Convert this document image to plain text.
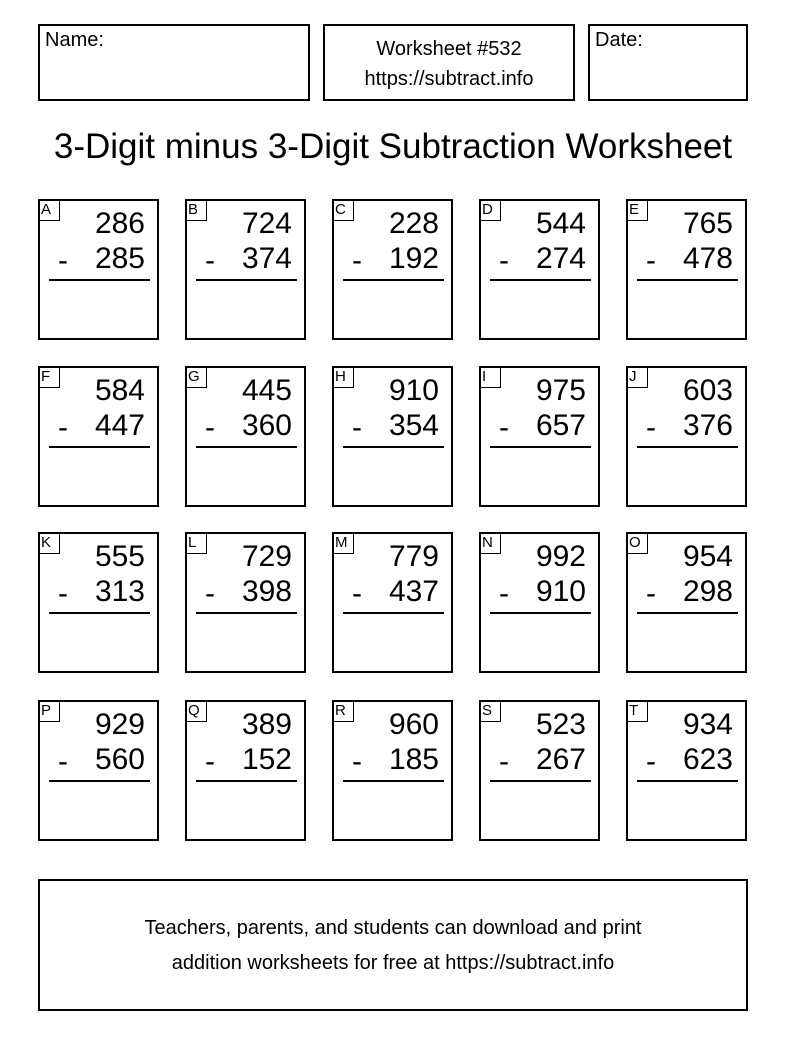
Name:	Worksheet #532
https://subtract.info
Date:
3-Digit minus 3-Digit Subtraction Worksheet
A 286
- 285
B 724
- 374
C 228
- 192
D 544
- 274
E 765
- 478
F	584
- 447
G 445
- 360
H 910
- 354
I	975
- 657
J	603
- 376
K 555
- 313
L	729
- 398
M 779
- 437
N 992
- 910
O 954
- 298
P 929
- 560
Q 389
- 152
R 960
- 185
S 523
- 267
T	934
- 623
Teachers, parents, and students can download and print
addition worksheets for free at https://subtract.info
